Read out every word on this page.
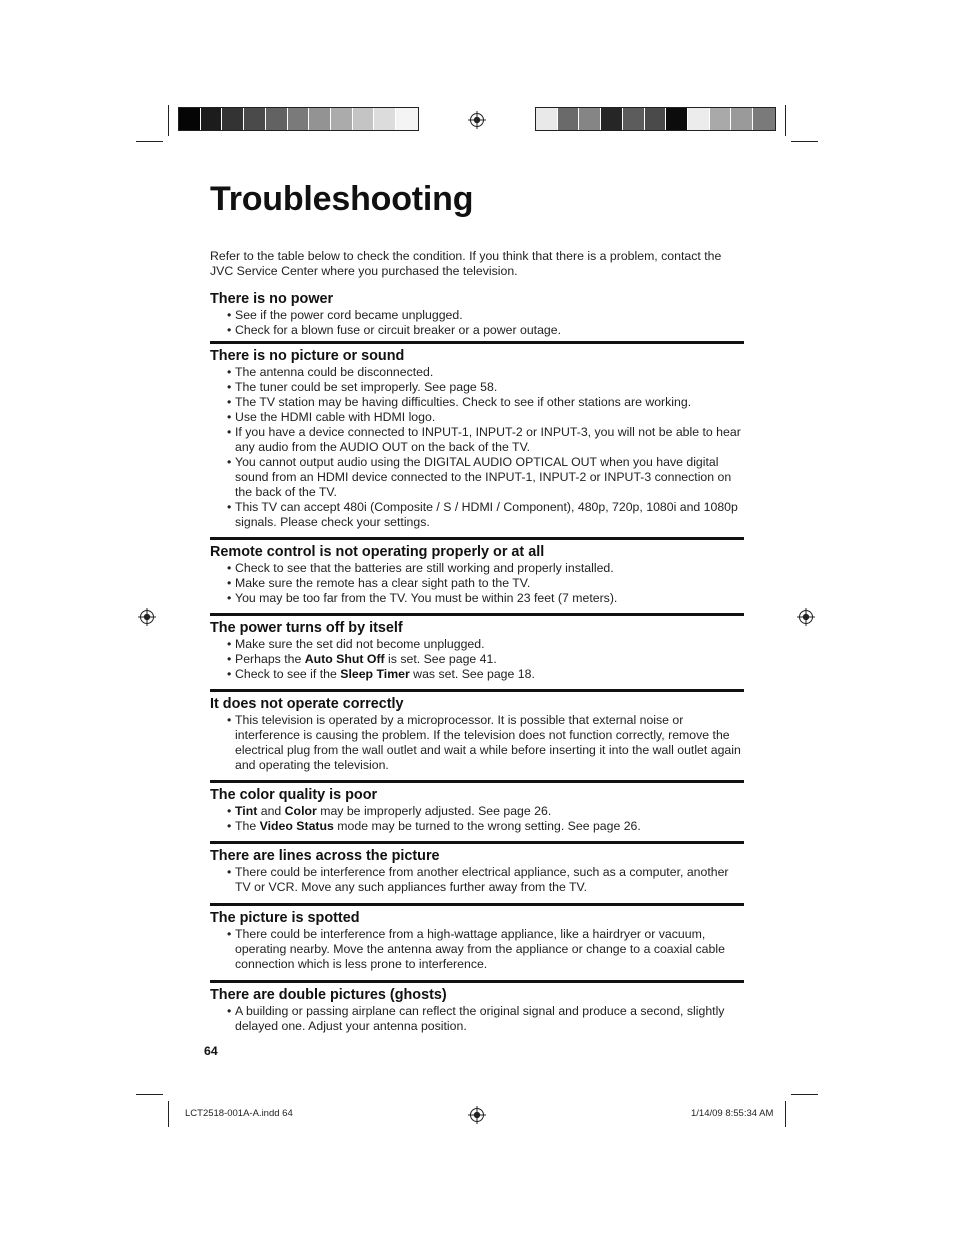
Troubleshooting

Refer to the table below to check the condition. If you think that there is a problem, contact the JVC Service Center where you purchased the television.

There is no power
• See if the power cord became unplugged.
• Check for a blown fuse or circuit breaker or a power outage.
There is no picture or sound
• The antenna could be disconnected.
• The tuner could be set improperly. See page 58.
• The TV station may be having difficulties. Check to see if other stations are working.
• Use the HDMI cable with HDMI logo.
• If you have a device connected to INPUT-1, INPUT-2 or INPUT-3, you will not be able to hear any audio from the AUDIO OUT on the back of the TV.
• You cannot output audio using the DIGITAL AUDIO OPTICAL OUT when you have digital sound from an HDMI device connected to the INPUT-1, INPUT-2 or INPUT-3 connection on the back of the TV.
• This TV can accept 480i (Composite / S / HDMI / Component), 480p, 720p, 1080i and 1080p signals. Please check your settings.
Remote control is not operating properly or at all
• Check to see that the batteries are still working and properly installed.
• Make sure the remote has a clear sight path to the TV.
• You may be too far from the TV. You must be within 23 feet (7 meters).
The power turns off by itself
• Make sure the set did not become unplugged.
• Perhaps the Auto Shut Off is set. See page 41.
• Check to see if the Sleep Timer was set. See page 18.
It does not operate correctly
• This television is operated by a microprocessor. It is possible that external noise or interference is causing the problem. If the television does not function correctly, remove the electrical plug from the wall outlet and wait a while before inserting it into the wall outlet again and operating the television.
The color quality is poor
• Tint and Color may be improperly adjusted. See page 26.
• The Video Status mode may be turned to the wrong setting. See page 26.
There are lines across the picture
• There could be interference from another electrical appliance, such as a computer, another TV or VCR. Move any such appliances further away from the TV.
The picture is spotted
• There could be interference from a high-wattage appliance, like a hairdryer or vacuum, operating nearby. Move the antenna away from the appliance or change to a coaxial cable connection which is less prone to interference.
There are double pictures (ghosts)
• A building or passing airplane can reflect the original signal and produce a second, slightly delayed one. Adjust your antenna position.
64
LCT2518-001A-A.indd 64	1/14/09 8:55:34 AM
